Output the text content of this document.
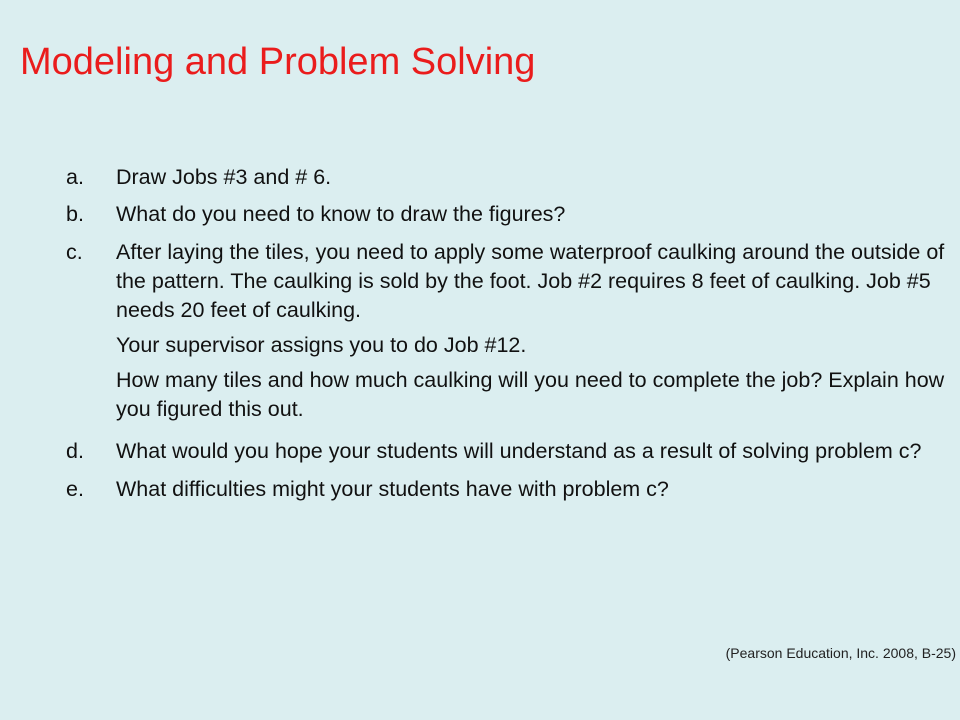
Modeling and Problem Solving
a.	Draw Jobs #3 and # 6.

b.	What do you need to know to draw the figures?

c.	After laying the tiles, you need to apply some waterproof caulking around the outside of the pattern. The caulking is sold by the foot. Job #2 requires 8 feet of caulking. Job #5 needs 20 feet of caulking.

Your supervisor assigns you to do Job #12.

How many tiles and how much caulking will you need to complete the job? Explain how you figured this out.

d.	What would you hope your students will understand as a result of solving problem c?

e.	What difficulties might your students have with problem c?

(Pearson Education, Inc. 2008, B-25)
